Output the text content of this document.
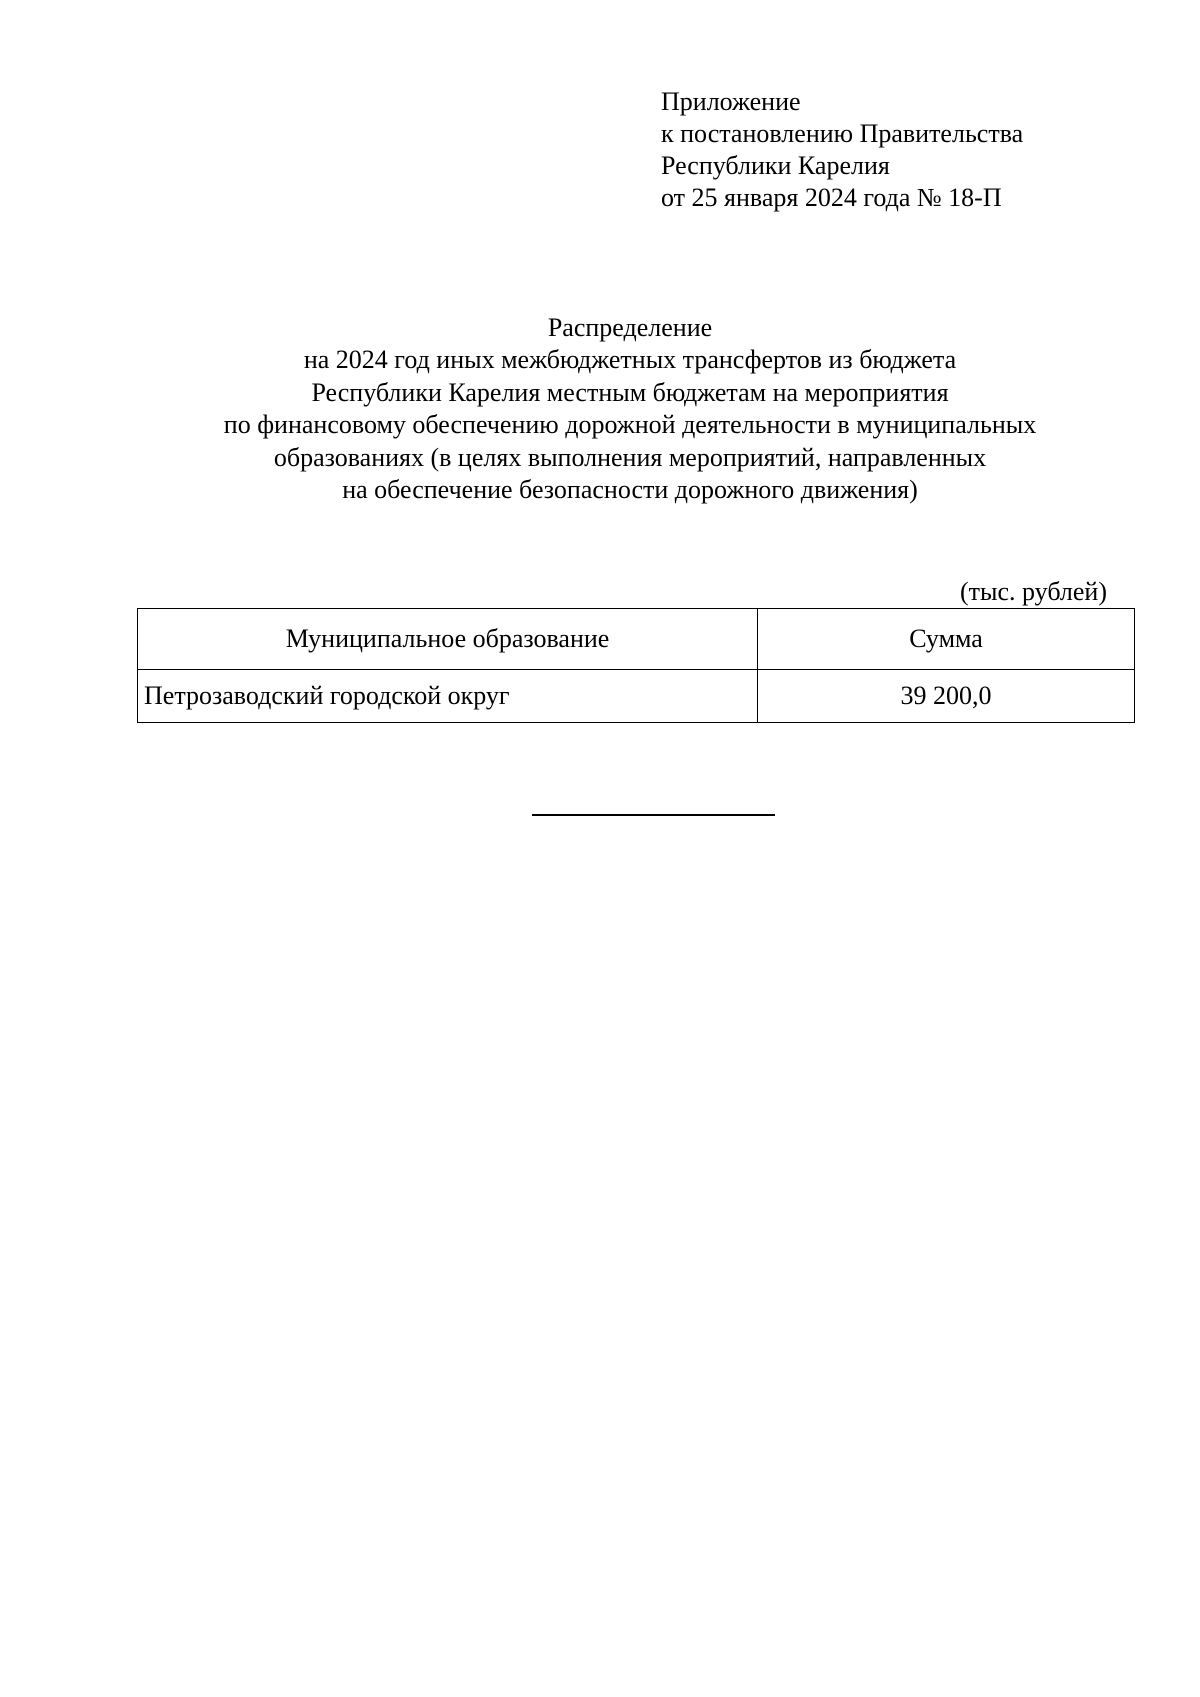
Приложение
к постановлению Правительства
Республики Карелия
от 25 января 2024 года № 18-П
Распределение
на 2024 год иных межбюджетных трансфертов из бюджета
Республики Карелия местным бюджетам на мероприятия
по финансовому обеспечению дорожной деятельности в муниципальных
образованиях (в целях выполнения мероприятий, направленных
на обеспечение безопасности дорожного движения)
(тыс. рублей)
Муниципальное образование	Сумма
Петрозаводский городской округ	39 200,0
